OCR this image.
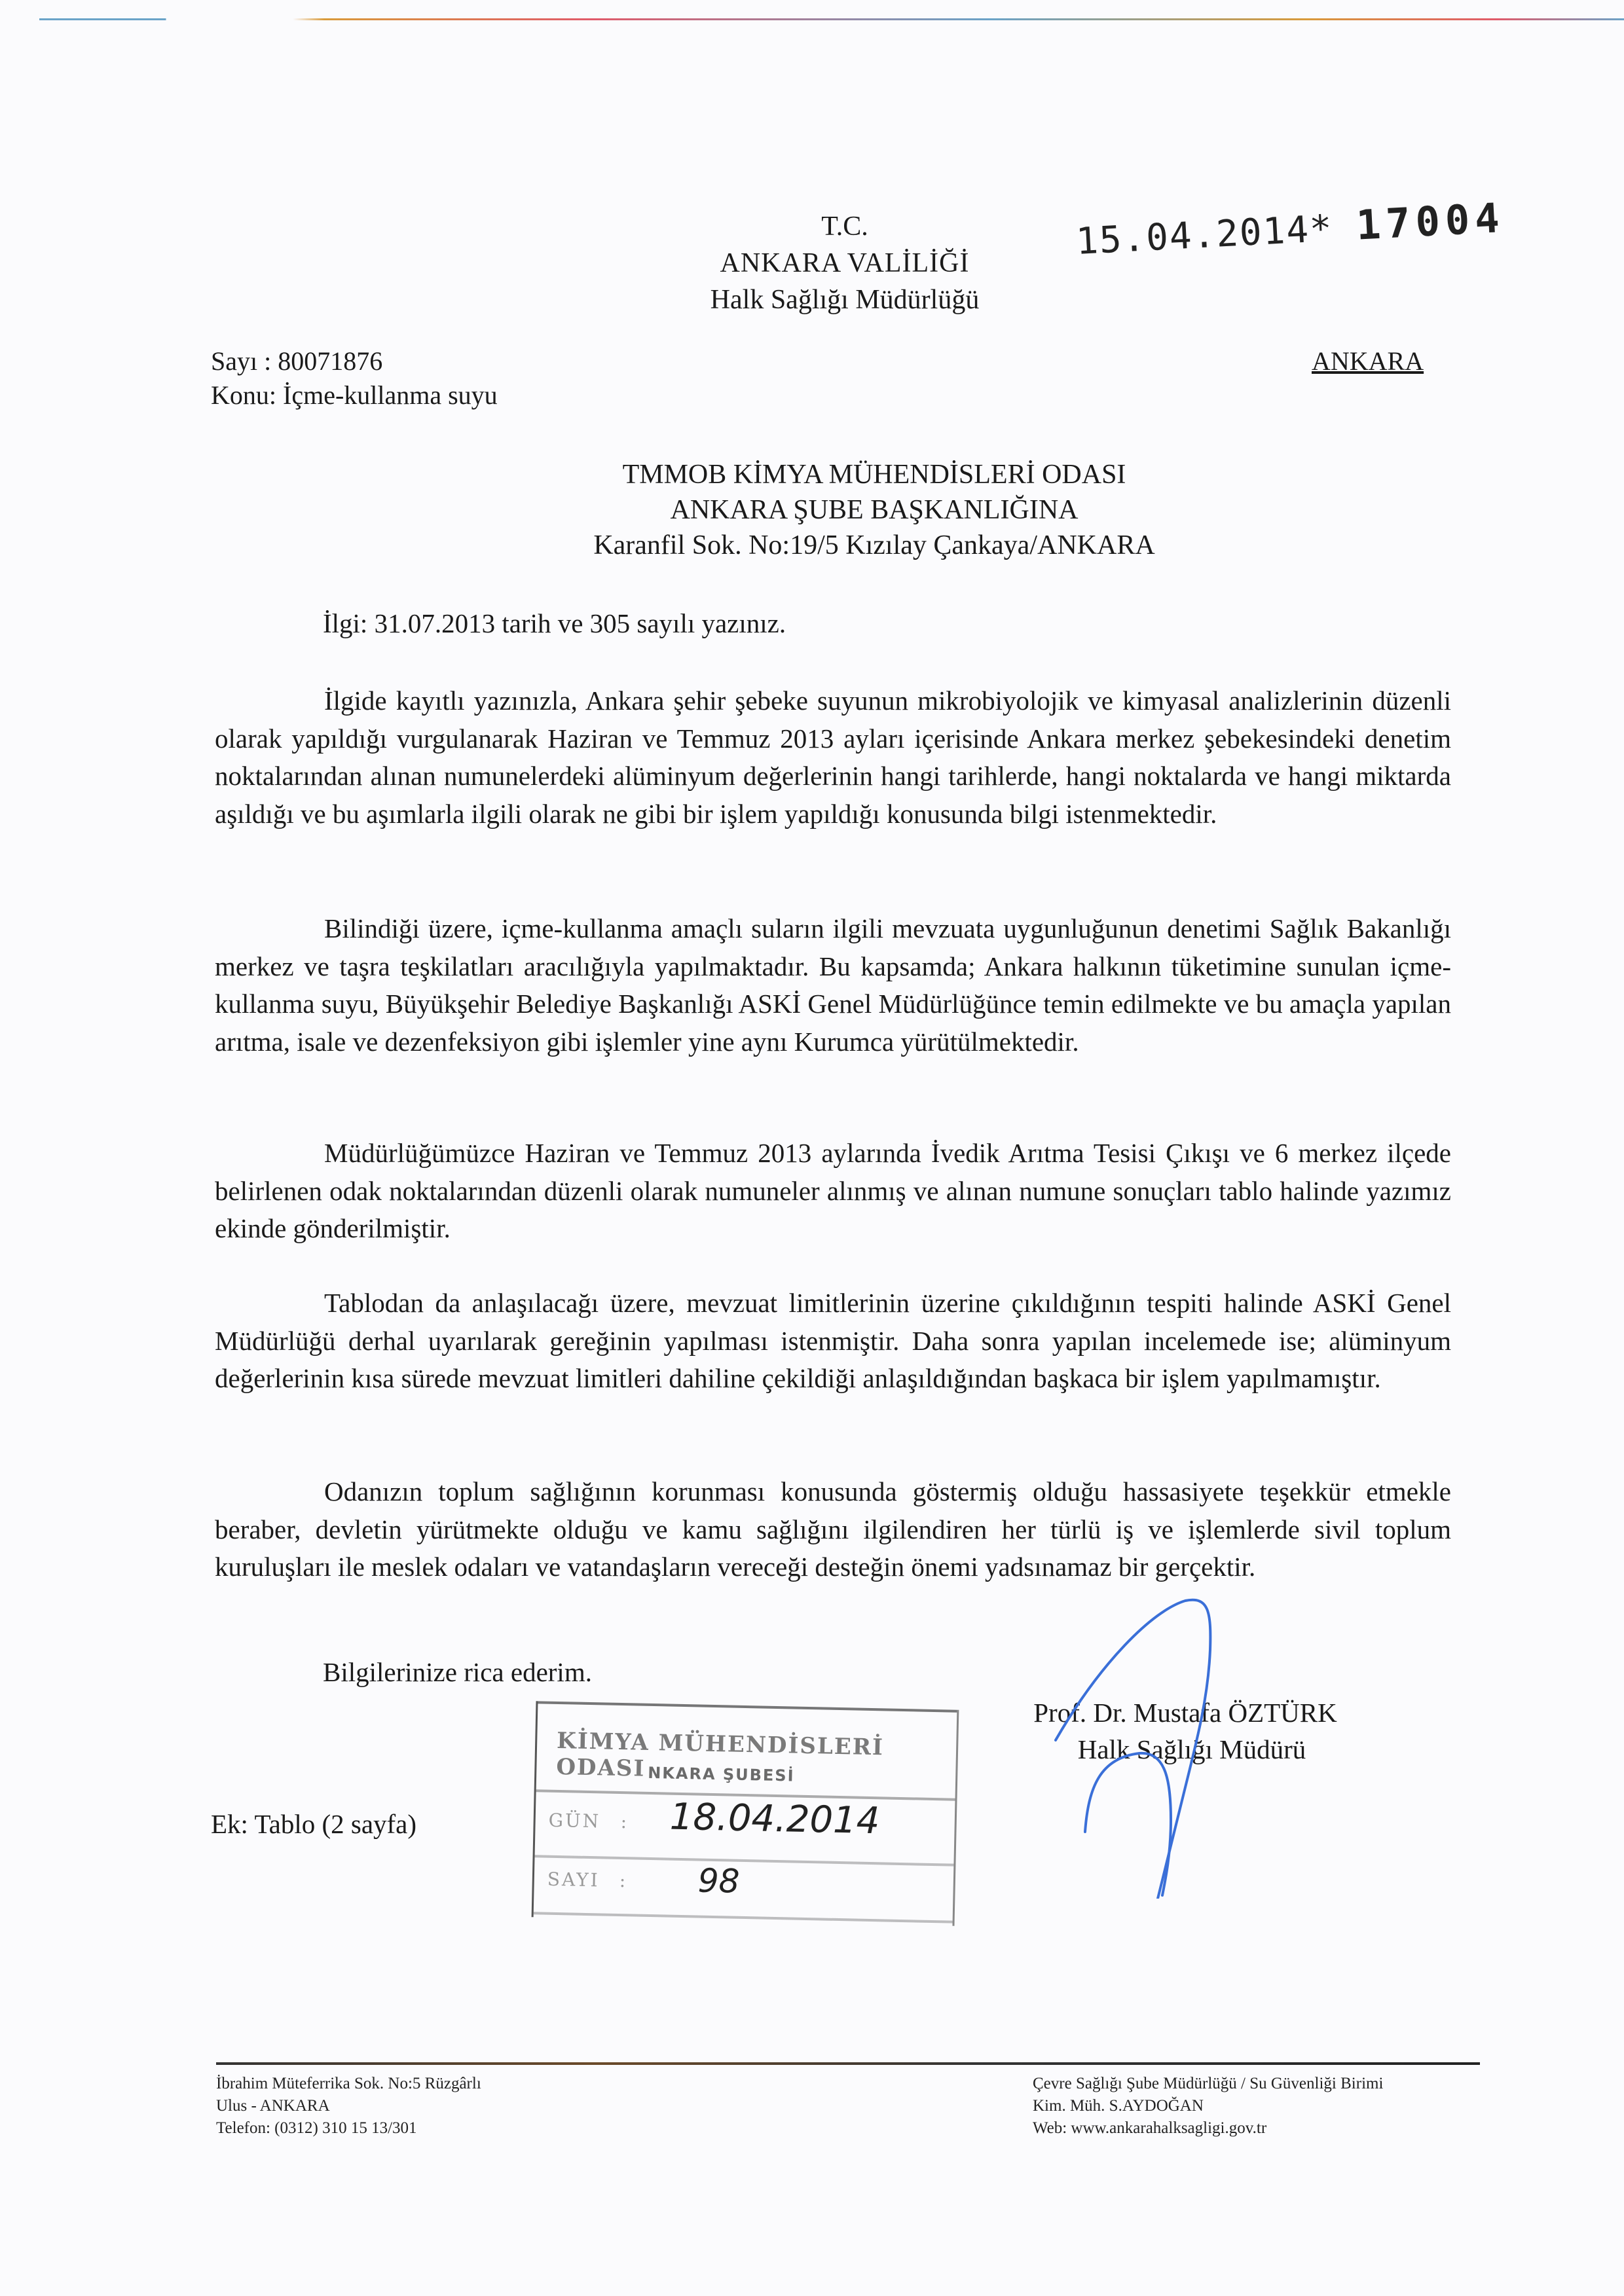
T.C.
ANKARA VALİLİĞİ
Halk Sağlığı Müdürlüğü
15.04.2014* 17004
Sayı : 80071876
Konu: İçme-kullanma suyu
ANKARA
TMMOB KİMYA MÜHENDİSLERİ ODASI
ANKARA ŞUBE BAŞKANLIĞINA
Karanfil Sok. No:19/5 Kızılay Çankaya/ANKARA
İlgi: 31.07.2013 tarih ve 305 sayılı yazınız.
İlgide kayıtlı yazınızla, Ankara şehir şebeke suyunun mikrobiyolojik ve kimyasal analizlerinin düzenli olarak yapıldığı vurgulanarak Haziran ve Temmuz 2013 ayları içerisinde Ankara merkez şebekesindeki denetim noktalarından alınan numunelerdeki alüminyum değerlerinin hangi tarihlerde, hangi noktalarda ve hangi miktarda aşıldığı ve bu aşımlarla ilgili olarak ne gibi bir işlem yapıldığı konusunda bilgi istenmektedir.
Bilindiği üzere, içme-kullanma amaçlı suların ilgili mevzuata uygunluğunun denetimi Sağlık Bakanlığı merkez ve taşra teşkilatları aracılığıyla yapılmaktadır. Bu kapsamda; Ankara halkının tüketimine sunulan içme-kullanma suyu, Büyükşehir Belediye Başkanlığı ASKİ Genel Müdürlüğünce temin edilmekte ve bu amaçla yapılan arıtma, isale ve dezenfeksiyon gibi işlemler yine aynı Kurumca yürütülmektedir.
Müdürlüğümüzce Haziran ve Temmuz 2013 aylarında İvedik Arıtma Tesisi Çıkışı ve 6 merkez ilçede belirlenen odak noktalarından düzenli olarak numuneler alınmış ve alınan numune sonuçları tablo halinde yazımız ekinde gönderilmiştir.
Tablodan da anlaşılacağı üzere, mevzuat limitlerinin üzerine çıkıldığının tespiti halinde ASKİ Genel Müdürlüğü derhal uyarılarak gereğinin yapılması istenmiştir. Daha sonra yapılan incelemede ise; alüminyum değerlerinin kısa sürede mevzuat limitleri dahiline çekildiği anlaşıldığından başkaca bir işlem yapılmamıştır.
Odanızın toplum sağlığının korunması konusunda göstermiş olduğu hassasiyete teşekkür etmekle beraber, devletin yürütmekte olduğu ve kamu sağlığını ilgilendiren her türlü iş ve işlemlerde sivil toplum kuruluşları ile meslek odaları ve vatandaşların vereceği desteğin önemi yadsınamaz bir gerçektir.
Bilgilerinize rica ederim.
Prof. Dr. Mustafa ÖZTÜRK
Halk Sağlığı Müdürü
Ek: Tablo (2 sayfa)
KİMYA MÜHENDİSLERİ ODASI NKARA ŞUBESİ
GÜN : 18.04.2014
SAYI : 98
İbrahim Müteferrika Sok. No:5 Rüzgârlı
Ulus - ANKARA
Telefon: (0312) 310 15 13/301
Çevre Sağlığı Şube Müdürlüğü / Su Güvenliği Birimi
Kim. Müh. S.AYDOĞAN
Web: www.ankarahalksagligi.gov.tr
